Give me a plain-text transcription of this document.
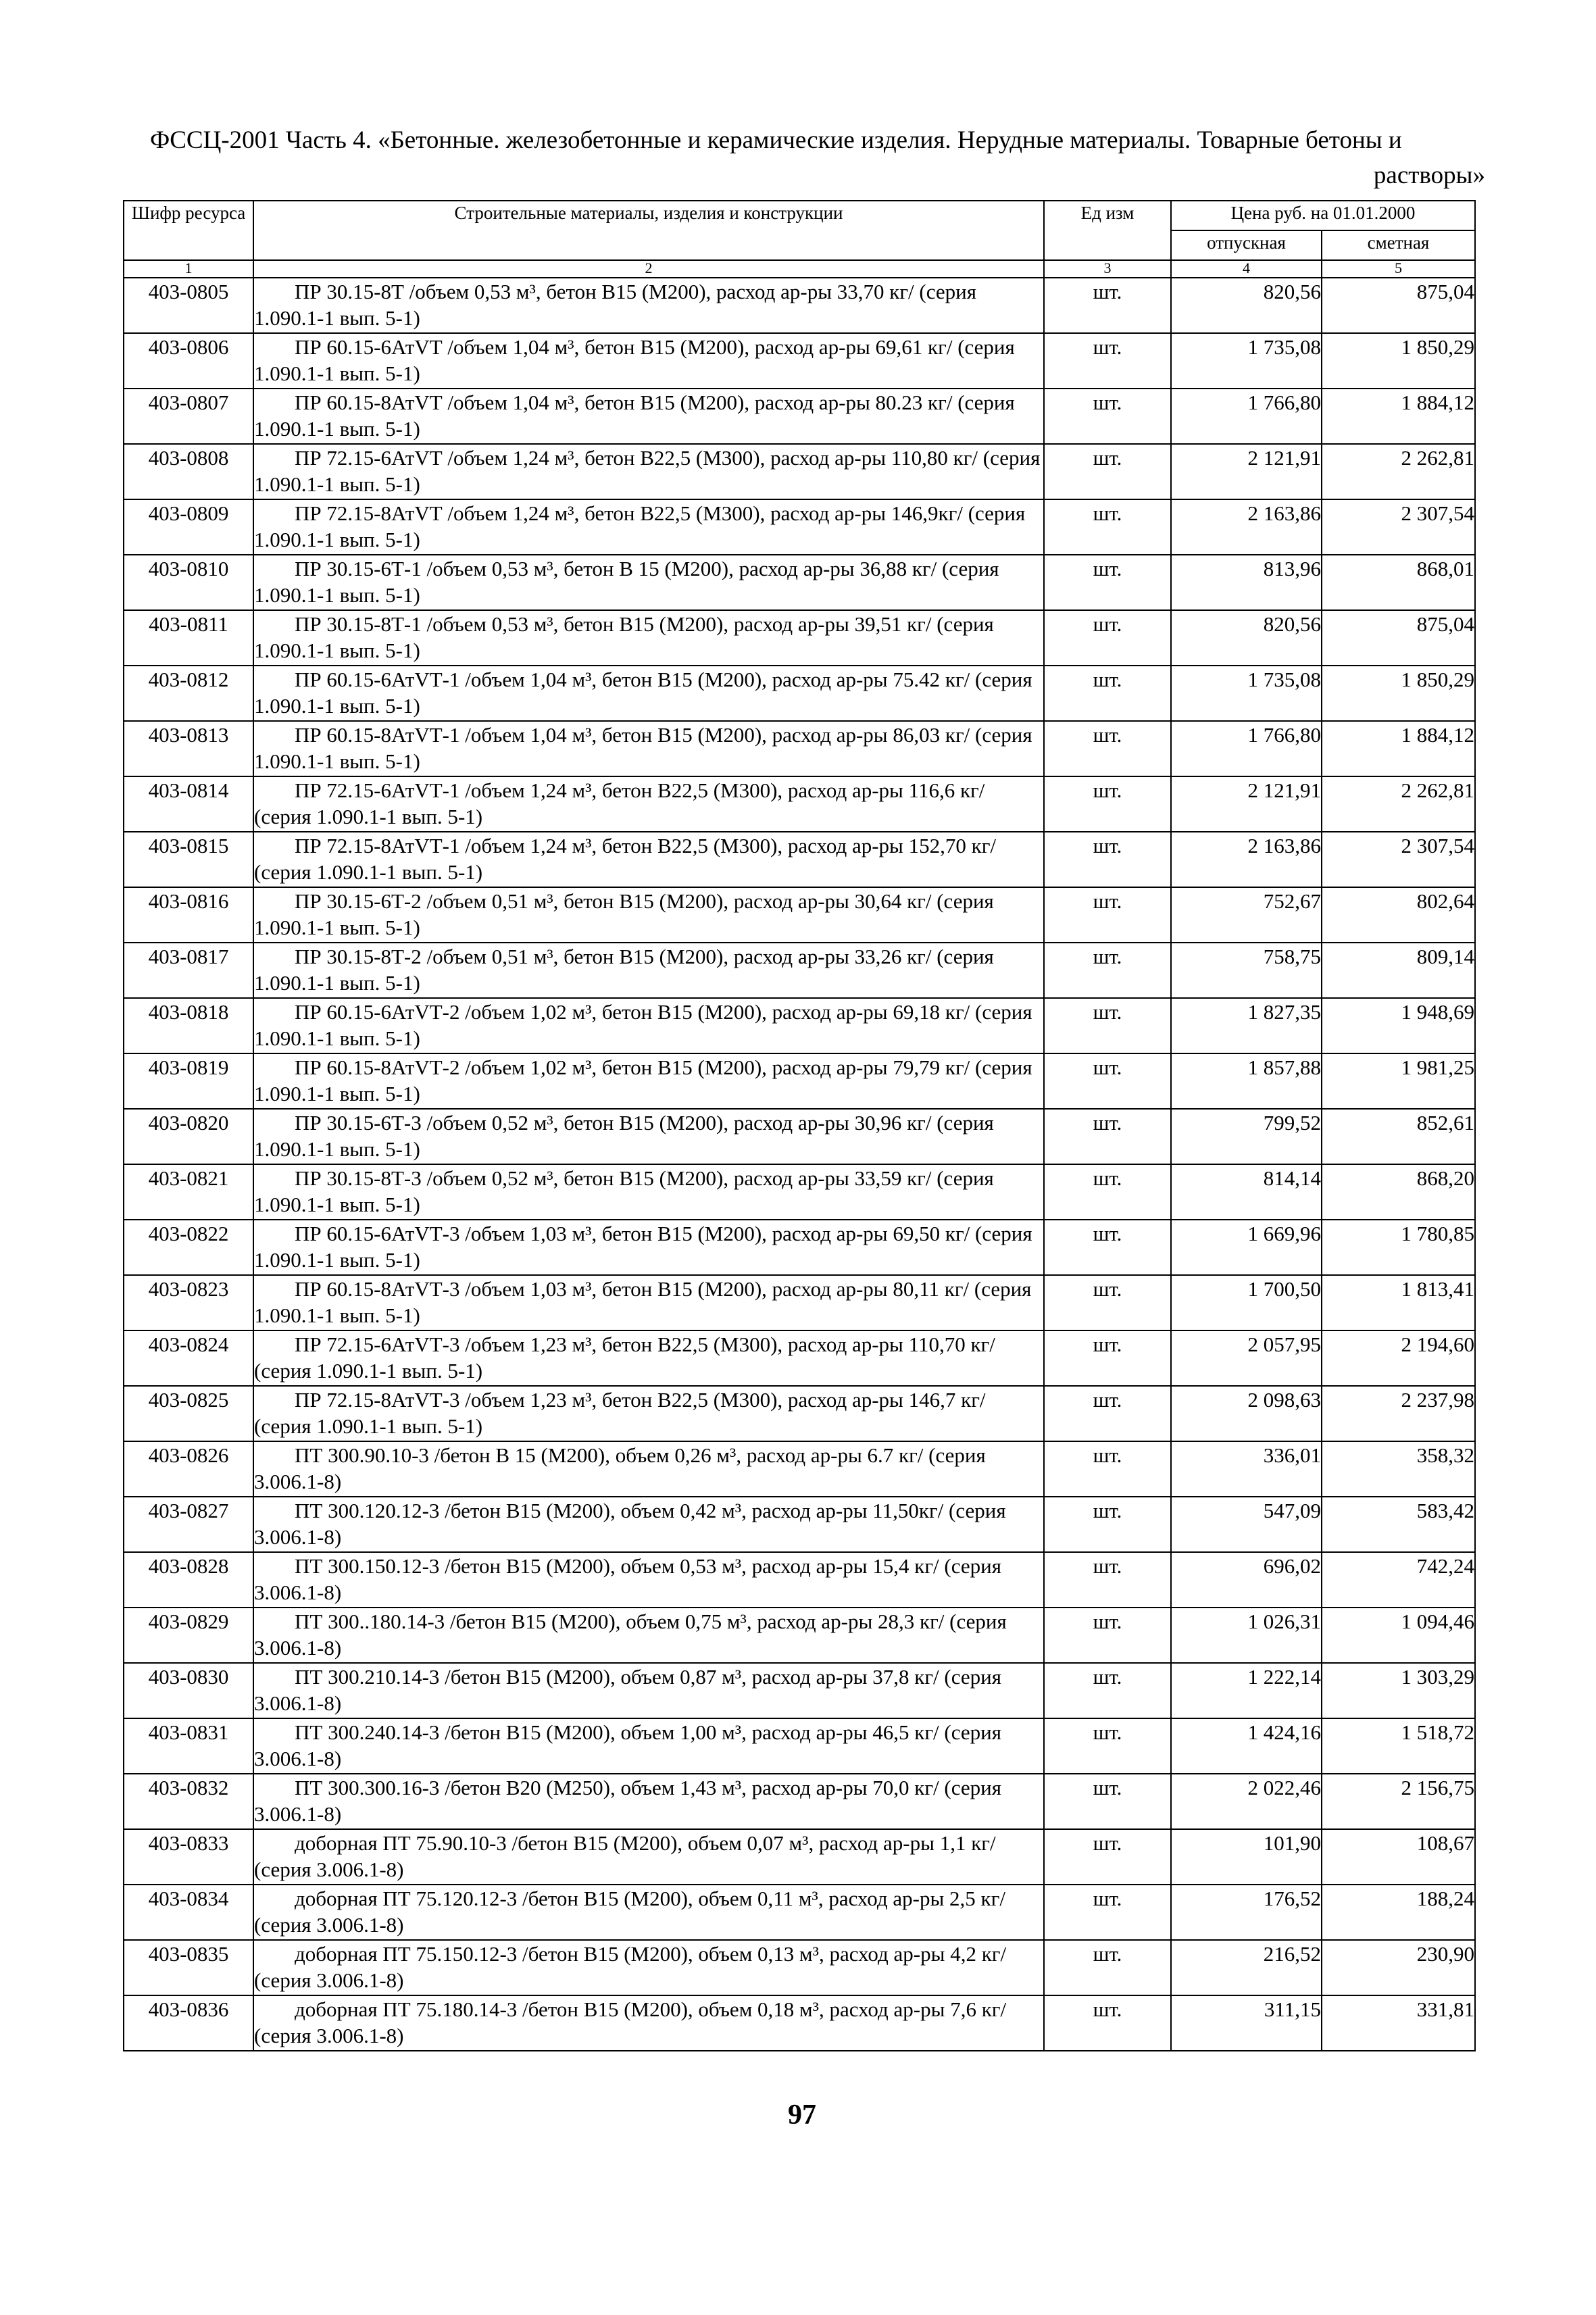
ФССЦ-2001 Часть 4. «Бетонные. железобетонные и керамические изделия. Нерудные материалы. Товарные бетоны и
растворы»
Шифр ресурса	Строительные материалы, изделия и конструкции	Ед изм	Цена руб. на 01.01.2000	
			отпускная	сметная
1	2	3	4	5
403-0805	ПР 30.15-8Т /объем 0,53 м³, бетон В15 (М200), расход ар-ры 33,70 кг/ (серия 1.090.1-1 вып. 5-1)	шт.	820,56	875,04
403-0806	ПР 60.15-6АтVТ /объем 1,04 м³, бетон В15 (М200), расход ар-ры 69,61 кг/ (серия 1.090.1-1 вып. 5-1)	шт.	1 735,08	1 850,29
403-0807	ПР 60.15-8АтVТ /объем 1,04 м³, бетон В15 (М200), расход ар-ры 80.23 кг/ (серия 1.090.1-1 вып. 5-1)	шт.	1 766,80	1 884,12
403-0808	ПР 72.15-6АтVТ /объем 1,24 м³, бетон В22,5 (М300), расход ар-ры 110,80 кг/ (серия 1.090.1-1 вып. 5-1)	шт.	2 121,91	2 262,81
403-0809	ПР 72.15-8АтVТ /объем 1,24 м³, бетон В22,5 (М300), расход ар-ры 146,9кг/ (серия 1.090.1-1 вып. 5-1)	шт.	2 163,86	2 307,54
403-0810	ПР 30.15-6Т-1 /объем 0,53 м³, бетон В 15 (М200), расход ар-ры 36,88 кг/ (серия 1.090.1-1 вып. 5-1)	шт.	813,96	868,01
403-0811	ПР 30.15-8Т-1 /объем 0,53 м³, бетон В15 (М200), расход ар-ры 39,51 кг/ (серия 1.090.1-1 вып. 5-1)	шт.	820,56	875,04
403-0812	ПР 60.15-6АтVТ-1 /объем 1,04 м³, бетон В15 (М200), расход ар-ры 75.42 кг/ (серия 1.090.1-1 вып. 5-1)	шт.	1 735,08	1 850,29
403-0813	ПР 60.15-8АтVТ-1 /объем 1,04 м³, бетон В15 (М200), расход ар-ры 86,03 кг/ (серия 1.090.1-1 вып. 5-1)	шт.	1 766,80	1 884,12
403-0814	ПР 72.15-6АтVТ-1 /объем 1,24 м³, бетон В22,5 (М300), расход ар-ры 116,6 кг/ (серия 1.090.1-1 вып. 5-1)	шт.	2 121,91	2 262,81
403-0815	ПР 72.15-8АтVТ-1 /объем 1,24 м³, бетон В22,5 (М300), расход ар-ры 152,70 кг/ (серия 1.090.1-1 вып. 5-1)	шт.	2 163,86	2 307,54
403-0816	ПР 30.15-6Т-2 /объем 0,51 м³, бетон В15 (М200), расход ар-ры 30,64 кг/ (серия 1.090.1-1 вып. 5-1)	шт.	752,67	802,64
403-0817	ПР 30.15-8Т-2 /объем 0,51 м³, бетон В15 (М200), расход ар-ры 33,26 кг/ (серия 1.090.1-1 вып. 5-1)	шт.	758,75	809,14
403-0818	ПР 60.15-6АтVТ-2 /объем 1,02 м³, бетон В15 (М200), расход ар-ры 69,18 кг/ (серия 1.090.1-1 вып. 5-1)	шт.	1 827,35	1 948,69
403-0819	ПР 60.15-8АтVТ-2 /объем 1,02 м³, бетон В15 (М200), расход ар-ры 79,79 кг/ (серия 1.090.1-1 вып. 5-1)	шт.	1 857,88	1 981,25
403-0820	ПР 30.15-6Т-3 /объем 0,52 м³, бетон В15 (М200), расход ар-ры 30,96 кг/ (серия 1.090.1-1 вып. 5-1)	шт.	799,52	852,61
403-0821	ПР 30.15-8Т-3 /объем 0,52 м³, бетон В15 (М200), расход ар-ры 33,59 кг/ (серия 1.090.1-1 вып. 5-1)	шт.	814,14	868,20
403-0822	ПР 60.15-6АтVТ-3 /объем 1,03 м³, бетон В15 (М200), расход ар-ры 69,50 кг/ (серия 1.090.1-1 вып. 5-1)	шт.	1 669,96	1 780,85
403-0823	ПР 60.15-8АтVТ-3 /объем 1,03 м³, бетон В15 (М200), расход ар-ры 80,11 кг/ (серия 1.090.1-1 вып. 5-1)	шт.	1 700,50	1 813,41
403-0824	ПР 72.15-6АтVТ-3 /объем 1,23 м³, бетон В22,5 (М300), расход ар-ры 110,70 кг/ (серия 1.090.1-1 вып. 5-1)	шт.	2 057,95	2 194,60
403-0825	ПР 72.15-8АтVТ-3 /объем 1,23 м³, бетон В22,5 (М300), расход ар-ры 146,7 кг/ (серия 1.090.1-1 вып. 5-1)	шт.	2 098,63	2 237,98
403-0826	ПТ 300.90.10-3 /бетон В 15 (М200), объем 0,26 м³, расход ар-ры 6.7 кг/ (серия 3.006.1-8)	шт.	336,01	358,32
403-0827	ПТ 300.120.12-3 /бетон В15 (М200), объем 0,42 м³, расход ар-ры 11,50кг/ (серия 3.006.1-8)	шт.	547,09	583,42
403-0828	ПТ 300.150.12-3 /бетон В15 (М200), объем 0,53 м³, расход ар-ры 15,4 кг/ (серия 3.006.1-8)	шт.	696,02	742,24
403-0829	ПТ 300..180.14-3 /бетон В15 (М200), объем 0,75 м³, расход ар-ры 28,3 кг/ (серия 3.006.1-8)	шт.	1 026,31	1 094,46
403-0830	ПТ 300.210.14-3 /бетон В15 (М200), объем 0,87 м³, расход ар-ры 37,8 кг/ (серия 3.006.1-8)	шт.	1 222,14	1 303,29
403-0831	ПТ 300.240.14-3 /бетон В15 (М200), объем 1,00 м³, расход ар-ры 46,5 кг/ (серия 3.006.1-8)	шт.	1 424,16	1 518,72
403-0832	ПТ 300.300.16-3 /бетон В20 (М250), объем 1,43 м³, расход ар-ры 70,0 кг/ (серия 3.006.1-8)	шт.	2 022,46	2 156,75
403-0833	доборная ПТ 75.90.10-3 /бетон В15 (М200), объем 0,07 м³, расход ар-ры 1,1 кг/ (серия 3.006.1-8)	шт.	101,90	108,67
403-0834	доборная ПТ 75.120.12-3 /бетон В15 (М200), объем 0,11 м³, расход ар-ры 2,5 кг/ (серия 3.006.1-8)	шт.	176,52	188,24
403-0835	доборная ПТ 75.150.12-3 /бетон В15 (М200), объем 0,13 м³, расход ар-ры 4,2 кг/ (серия 3.006.1-8)	шт.	216,52	230,90
403-0836	доборная ПТ 75.180.14-3 /бетон В15 (М200), объем 0,18 м³, расход ар-ры 7,6 кг/ (серия 3.006.1-8)	шт.	311,15	331,81
97
